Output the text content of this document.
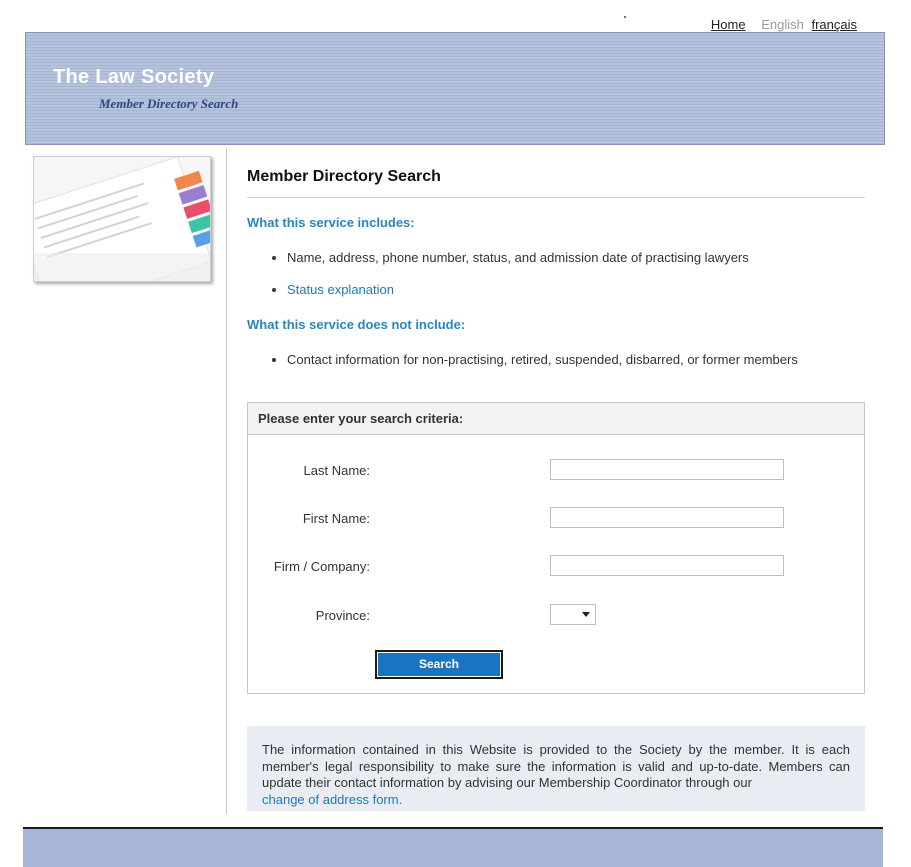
Home English français
The Law Society
Member Directory Search
Member Directory Search
What this service includes:
• Name, address, phone number, status, and admission date of practising lawyers
• Status explanation
What this service does not include:
• Contact information for non-practising, retired, suspended, disbarred, or former members
Please enter your search criteria:
Last Name:
First Name:
Firm / Company:
Province:
Search
The information contained in this Website is provided to the Society by the member. It is each member's legal responsibility to make sure the information is valid and up-to-date. Members can update their contact information by advising our Membership Coordinator through our
change of address form.
